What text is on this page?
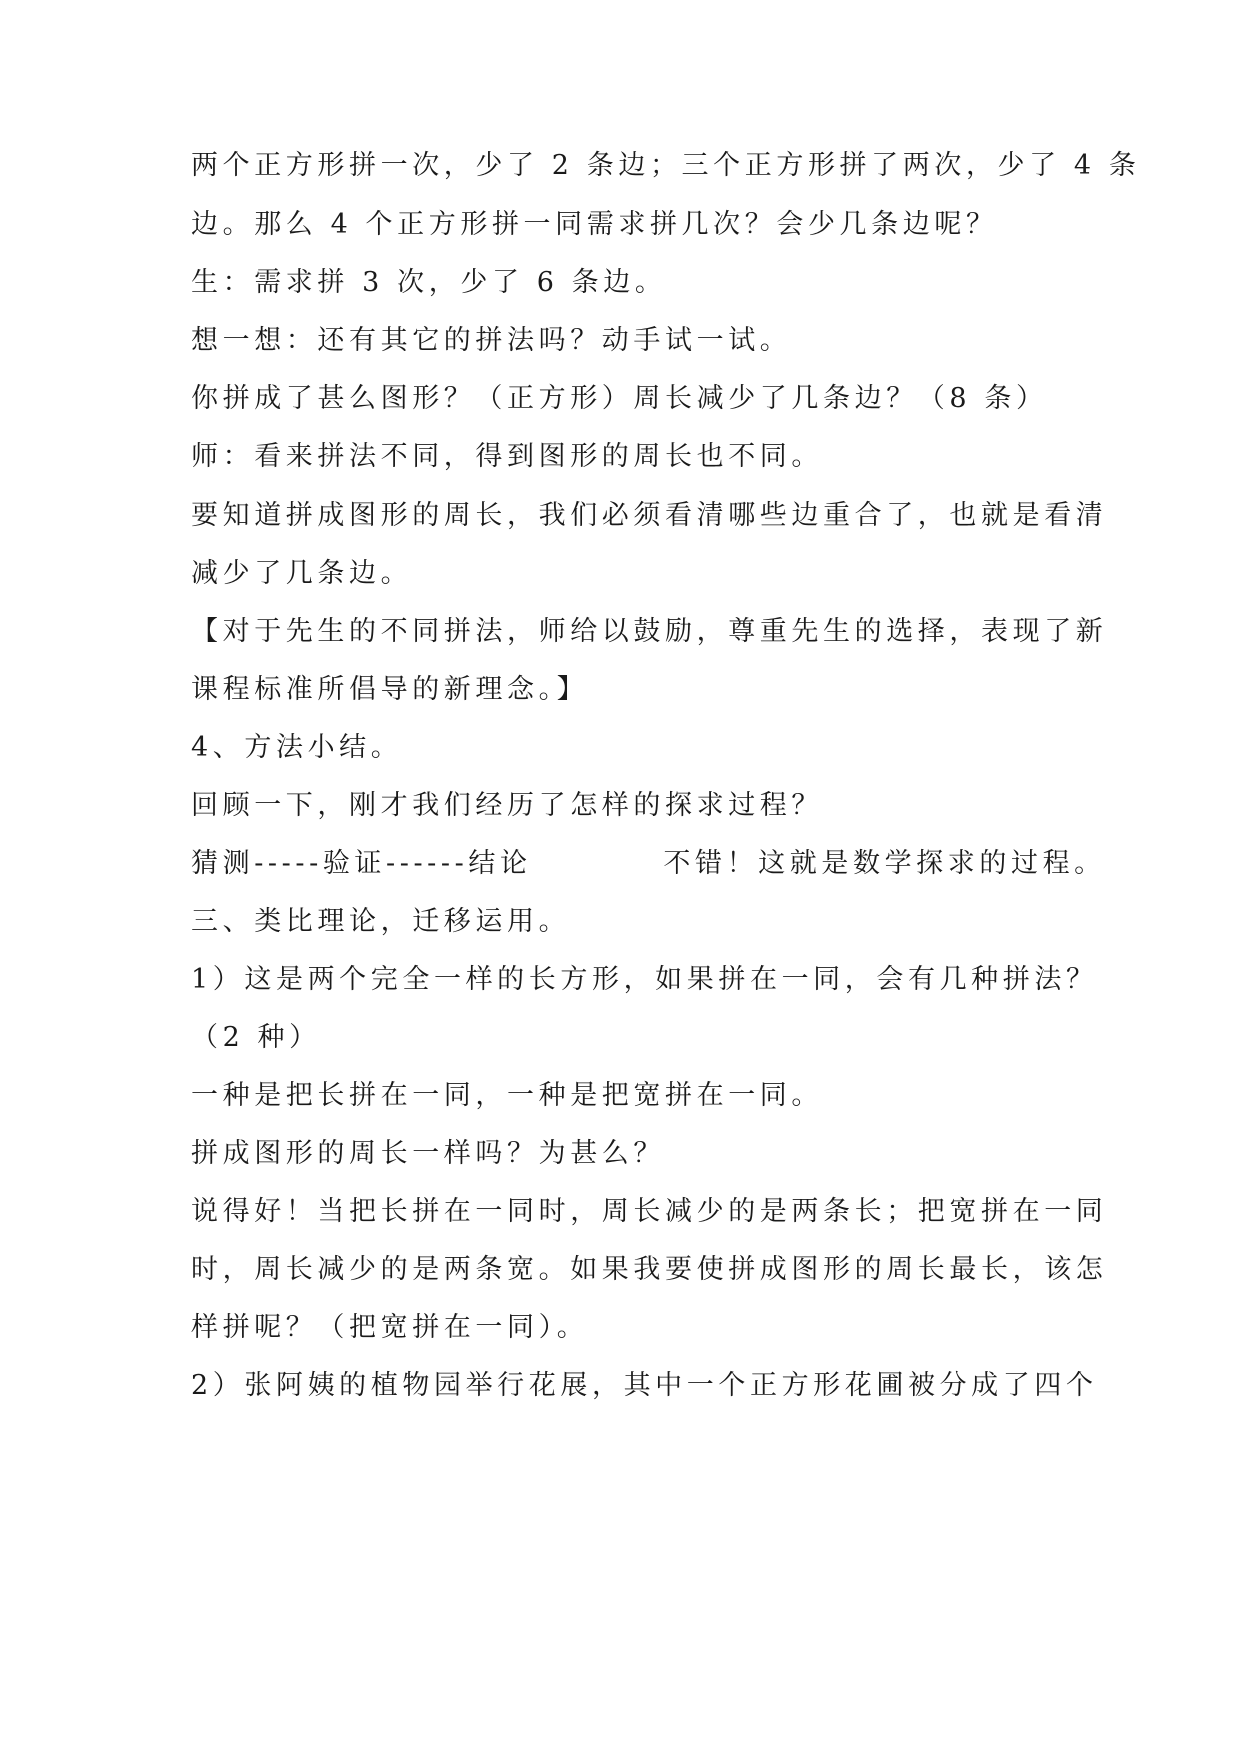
两个正方形拼一次，少了 2 条边；三个正方形拼了两次，少了 4 条
边。那么 4 个正方形拼一同需求拼几次？会少几条边呢？
生：需求拼 3 次，少了 6 条边。
想一想：还有其它的拼法吗？动手试一试。
你拼成了甚么图形？（正方形）周长减少了几条边？（8 条）
师：看来拼法不同，得到图形的周长也不同。
要知道拼成图形的周长，我们必须看清哪些边重合了，也就是看清
减少了几条边。
【对于先生的不同拼法，师给以鼓励，尊重先生的选择，表现了新
课程标准所倡导的新理念。】
4、方法小结。
回顾一下，刚才我们经历了怎样的探求过程？
猜测-----验证------结论          不错！这就是数学探求的过程。
三、类比理论，迁移运用。
1）这是两个完全一样的长方形，如果拼在一同，会有几种拼法？
（2 种）
一种是把长拼在一同，一种是把宽拼在一同。
拼成图形的周长一样吗？为甚么？
说得好！当把长拼在一同时，周长减少的是两条长；把宽拼在一同
时，周长减少的是两条宽。如果我要使拼成图形的周长最长，该怎
样拼呢？（把宽拼在一同）。
2）张阿姨的植物园举行花展，其中一个正方形花圃被分成了四个
